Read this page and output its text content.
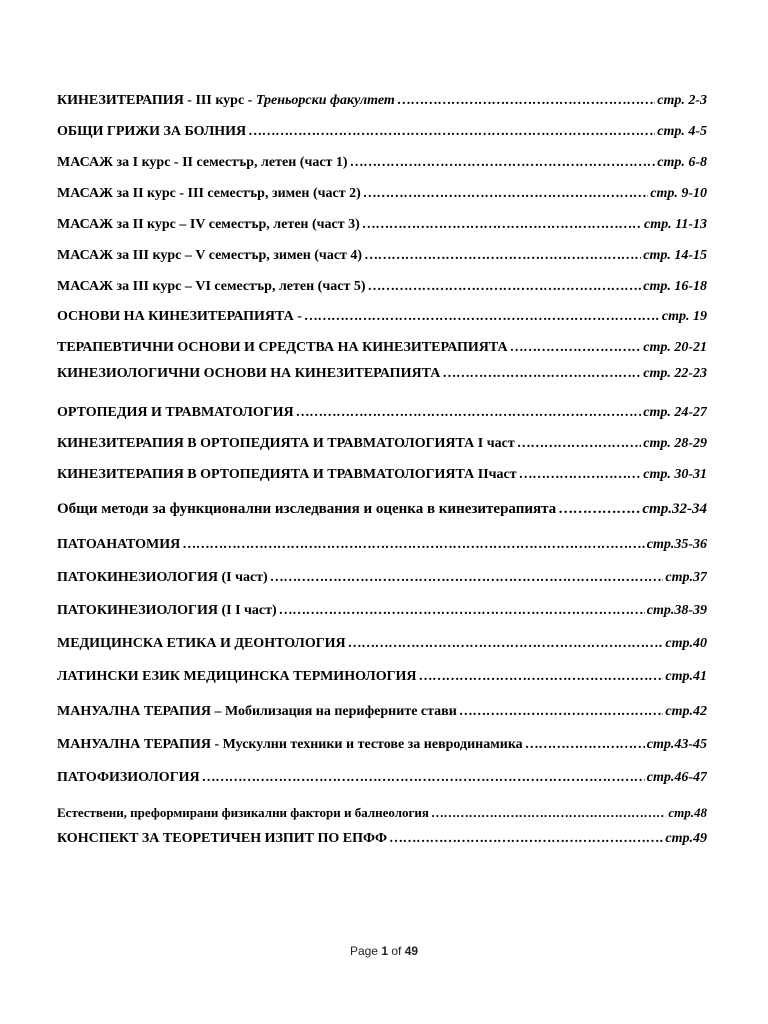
КИНЕЗИТЕРАПИЯ - III курс - Треньорски факултет ………………………………………………………………………………………………………………………………………………………………	стр. 2-3
ОБЩИ ГРИЖИ ЗА БОЛНИЯ ………………………………………………………………………………………………………………………………………………………………	стр. 4-5
МАСАЖ за I курс - II семестър, летен (част 1) ………………………………………………………………………………………………………………………………………………………………	стр. 6-8
МАСАЖ за II курс - III семестър, зимен (част 2) ………………………………………………………………………………………………………………………………………………………………	стр. 9-10
МАСАЖ за II курс – IV семестър, летен (част 3) ………………………………………………………………………………………………………………………………………………………………	стр. 11-13
МАСАЖ за III курс – V семестър, зимен (част 4) ………………………………………………………………………………………………………………………………………………………………	стр. 14-15
МАСАЖ за III курс – VI семестър, летен (част 5) ………………………………………………………………………………………………………………………………………………………………	стр. 16-18
ОСНОВИ НА КИНЕЗИТЕРАПИЯТА - ………………………………………………………………………………………………………………………………………………………………	стр. 19
ТЕРАПЕВТИЧНИ ОСНОВИ И СРЕДСТВА НА КИНЕЗИТЕРАПИЯТА ………………………………………………………………………………………………………………………………………………………………	стр. 20-21
КИНЕЗИОЛОГИЧНИ ОСНОВИ НА КИНЕЗИТЕРАПИЯТА ………………………………………………………………………………………………………………………………………………………………	стр. 22-23
ОРТОПЕДИЯ И ТРАВМАТОЛОГИЯ ………………………………………………………………………………………………………………………………………………………………	стр. 24-27
КИНЕЗИТЕРАПИЯ В ОРТОПЕДИЯТА И ТРАВМАТОЛОГИЯТА I част ………………………………………………………………………………………………………………………………………………………………	стр. 28-29
КИНЕЗИТЕРАПИЯ В ОРТОПЕДИЯТА И ТРАВМАТОЛОГИЯТА IIчаст ………………………………………………………………………………………………………………………………………………………………	стр. 30-31
Общи методи за функционални изследвания и оценка в кинезитерапията ………………………………………………………………………………………………………………………………………………………………	стр.32-34
ПАТОАНАТОМИЯ ………………………………………………………………………………………………………………………………………………………………	стр.35-36
ПАТОКИНЕЗИОЛОГИЯ (I част) ………………………………………………………………………………………………………………………………………………………………	стр.37
ПАТОКИНЕЗИОЛОГИЯ (I I част) ………………………………………………………………………………………………………………………………………………………………	стр.38-39
МЕДИЦИНСКА ЕТИКА И ДЕОНТОЛОГИЯ ………………………………………………………………………………………………………………………………………………………………	стр.40
ЛАТИНСКИ ЕЗИК МЕДИЦИНСКА ТЕРМИНОЛОГИЯ ………………………………………………………………………………………………………………………………………………………………	стр.41
МАНУАЛНА ТЕРАПИЯ – Мобилизация на периферните стави ………………………………………………………………………………………………………………………………………………………………	стр.42
МАНУАЛНА ТЕРАПИЯ - Мускулни техники и тестове за невродинамика ………………………………………………………………………………………………………………………………………………………………	стр.43-45
ПАТОФИЗИОЛОГИЯ ………………………………………………………………………………………………………………………………………………………………	стр.46-47
Естествени, преформирани физикални фактори и балнеология ………………………………………………………………………………………………………………………………………………………………	стр.48
КОНСПЕКТ ЗА ТЕОРЕТИЧЕН ИЗПИТ ПО ЕПФФ ………………………………………………………………………………………………………………………………………………………………	стр.49
Page 1 of 49
